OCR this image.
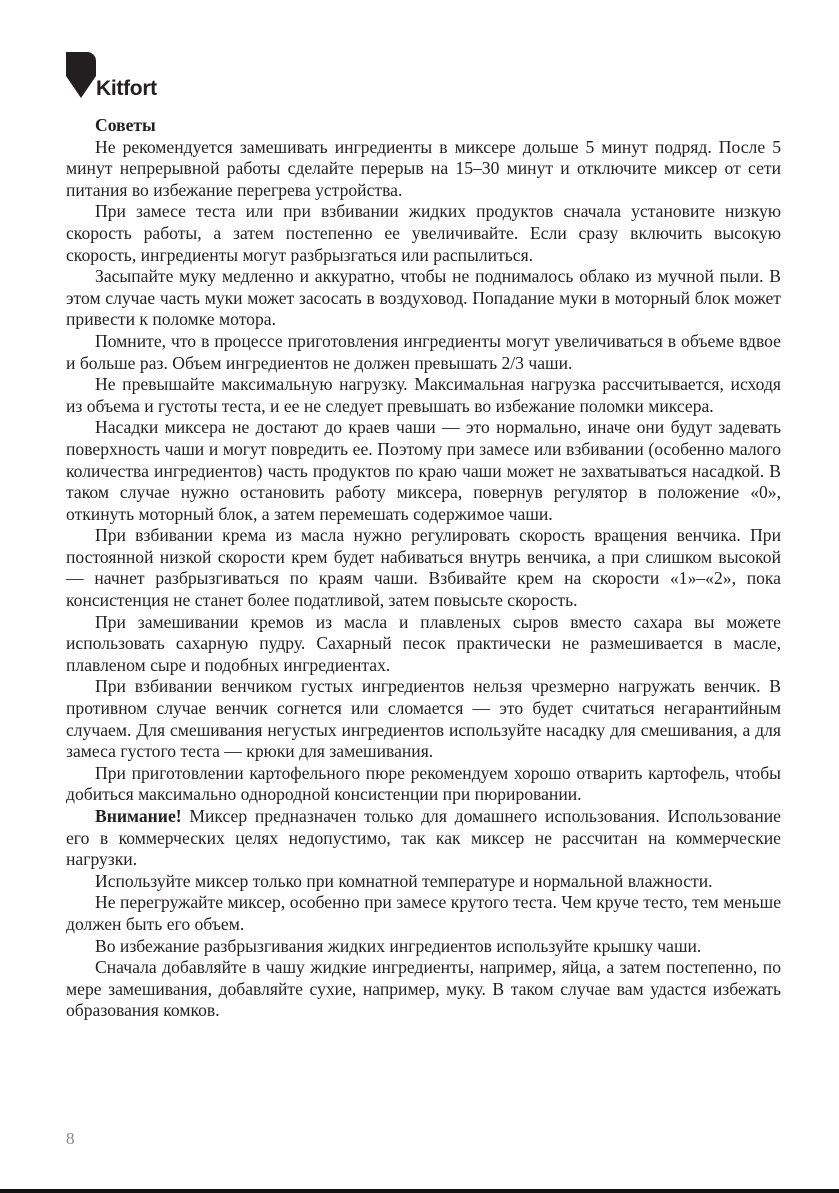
Kitfort

Советы

Не рекомендуется замешивать ингредиенты в миксере дольше 5 минут подряд. После 5 минут непрерывной работы сделайте перерыв на 15–30 минут и отключите миксер от сети питания во избежание перегрева устройства.

При замесе теста или при взбивании жидких продуктов сначала установите низкую скорость работы, а затем постепенно ее увеличивайте. Если сразу включить высокую скорость, ингредиенты могут разбрызгаться или распылиться.

Засыпайте муку медленно и аккуратно, чтобы не поднималось облако из мучной пыли. В этом случае часть муки может засосать в воздуховод. Попадание муки в моторный блок может привести к поломке мотора.

Помните, что в процессе приготовления ингредиенты могут увеличиваться в объеме вдвое и больше раз. Объем ингредиентов не должен превышать 2/3 чаши.

Не превышайте максимальную нагрузку. Максимальная нагрузка рассчитывается, исходя из объема и густоты теста, и ее не следует превышать во избежание поломки миксера.

Насадки миксера не достают до краев чаши — это нормально, иначе они будут задевать поверхность чаши и могут повредить ее. Поэтому при замесе или взбивании (особенно малого количества ингредиентов) часть продуктов по краю чаши может не захватываться насадкой. В таком случае нужно остановить работу миксера, повернув регулятор в положение «0», откинуть моторный блок, а затем перемешать содержимое чаши.

При взбивании крема из масла нужно регулировать скорость вращения венчика. При постоянной низкой скорости крем будет набиваться внутрь венчика, а при слишком высокой — начнет разбрызгиваться по краям чаши. Взбивайте крем на скорости «1»–«2», пока консистенция не станет более податливой, затем повысьте скорость.

При замешивании кремов из масла и плавленых сыров вместо сахара вы можете использовать сахарную пудру. Сахарный песок практически не размешивается в масле, плавленом сыре и подобных ингредиентах.

При взбивании венчиком густых ингредиентов нельзя чрезмерно нагружать венчик. В противном случае венчик согнется или сломается — это будет считаться негарантийным случаем. Для смешивания негустых ингредиентов используйте насадку для смешивания, а для замеса густого теста — крюки для замешивания.

При приготовлении картофельного пюре рекомендуем хорошо отварить картофель, чтобы добиться максимально однородной консистенции при пюрировании.

Внимание! Миксер предназначен только для домашнего использования. Использование его в коммерческих целях недопустимо, так как миксер не рассчитан на коммерческие нагрузки.

Используйте миксер только при комнатной температуре и нормальной влажности.

Не перегружайте миксер, особенно при замесе крутого теста. Чем круче тесто, тем меньше должен быть его объем.

Во избежание разбрызгивания жидких ингредиентов используйте крышку чаши.

Сначала добавляйте в чашу жидкие ингредиенты, например, яйца, а затем постепенно, по мере замешивания, добавляйте сухие, например, муку. В таком случае вам удастся избежать образования комков.

8
